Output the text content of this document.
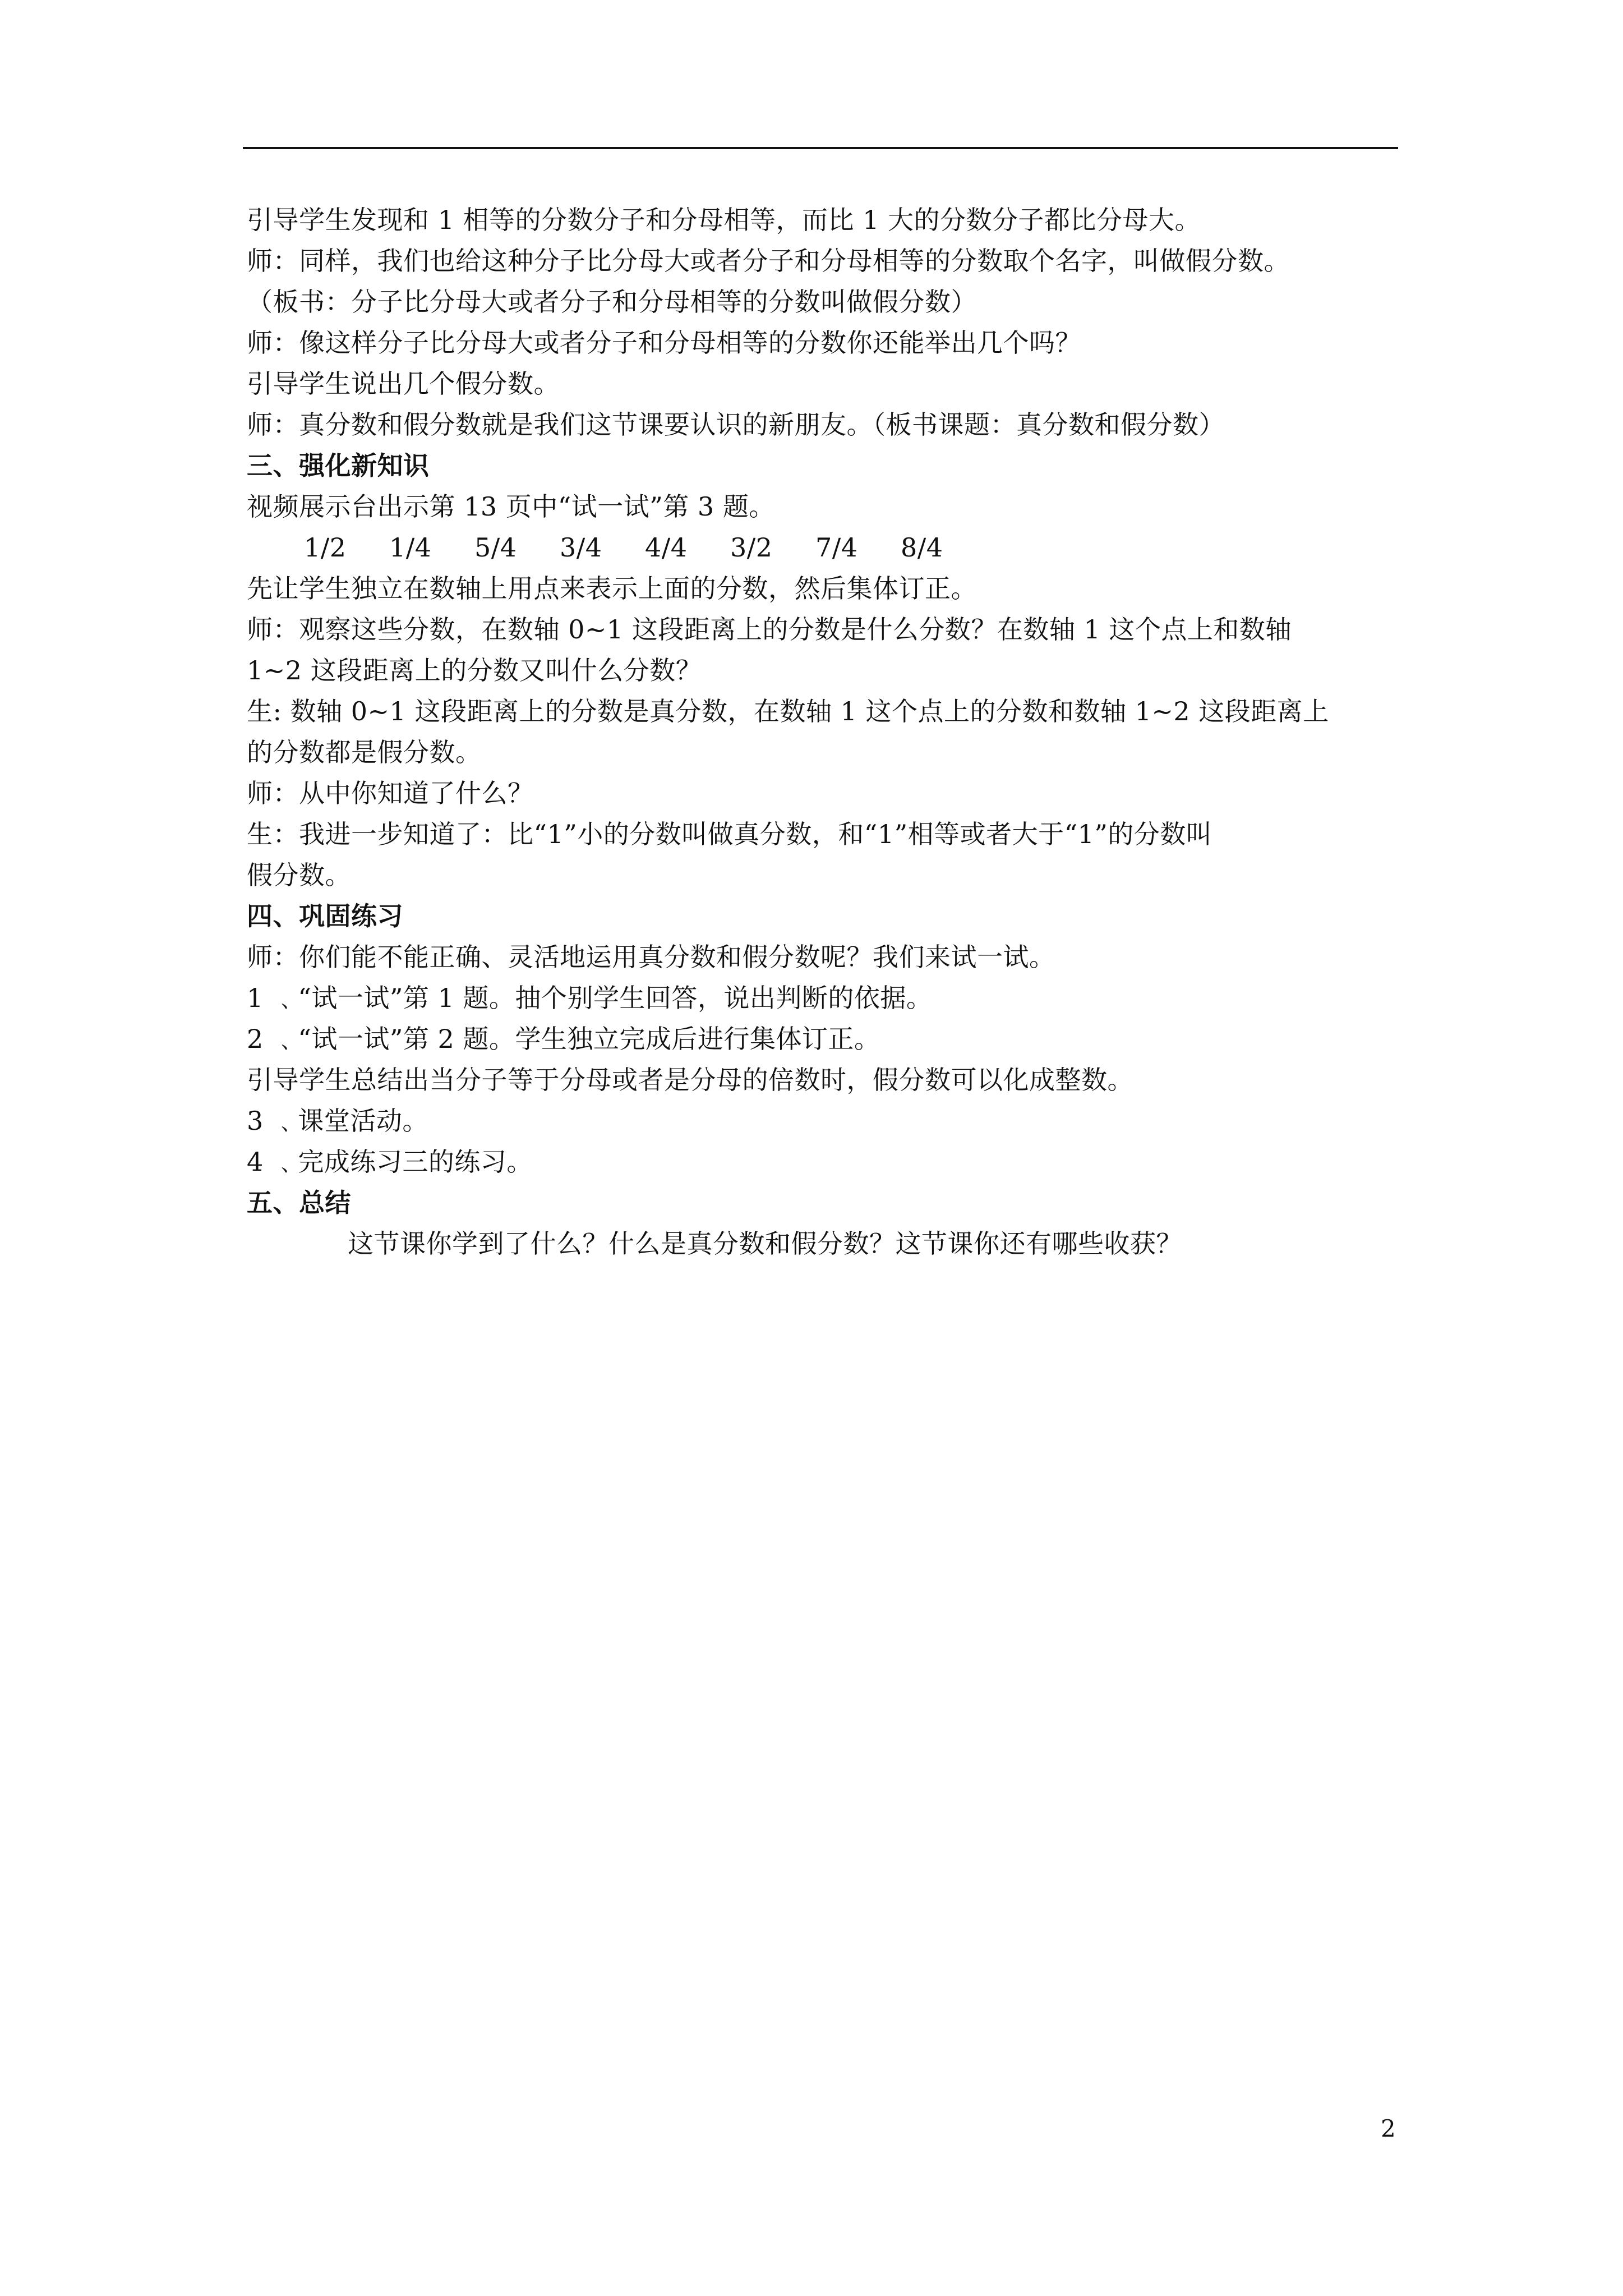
引导学生发现和 1 相等的分数分子和分母相等，而比 1 大的分数分子都比分母大。
师：同样，我们也给这种分子比分母大或者分子和分母相等的分数取个名字，叫做假分数。
（板书：分子比分母大或者分子和分母相等的分数叫做假分数）
师：像这样分子比分母大或者分子和分母相等的分数你还能举出几个吗？
引导学生说出几个假分数。
师：真分数和假分数就是我们这节课要认识的新朋友。（板书课题：真分数和假分数）
三、强化新知识
视频展示台出示第 13 页中“试一试”第 3 题。
1/2	1/4	5/4	3/4	4/4	3/2	7/4	8/4
先让学生独立在数轴上用点来表示上面的分数，然后集体订正。
师：观察这些分数，在数轴 0~1 这段距离上的分数是什么分数？在数轴 1 这个点上和数轴
1~2 这段距离上的分数又叫什么分数？
生: 数轴 0~1 这段距离上的分数是真分数，在数轴 1 这个点上的分数和数轴 1~2 这段距离上
的分数都是假分数。
师：从中你知道了什么？
生：我进一步知道了：比“1”小的分数叫做真分数，和“1”相等或者大于“1”的分数叫
假分数。
四、巩固练习
师：你们能不能正确、灵活地运用真分数和假分数呢？我们来试一试。
1 ﹑“试一试”第 1 题。抽个别学生回答，说出判断的依据。
2 ﹑“试一试”第 2 题。学生独立完成后进行集体订正。
引导学生总结出当分子等于分母或者是分母的倍数时，假分数可以化成整数。
3 ﹑课堂活动。
4 ﹑完成练习三的练习。
五、总结
这节课你学到了什么？什么是真分数和假分数？这节课你还有哪些收获？
2
